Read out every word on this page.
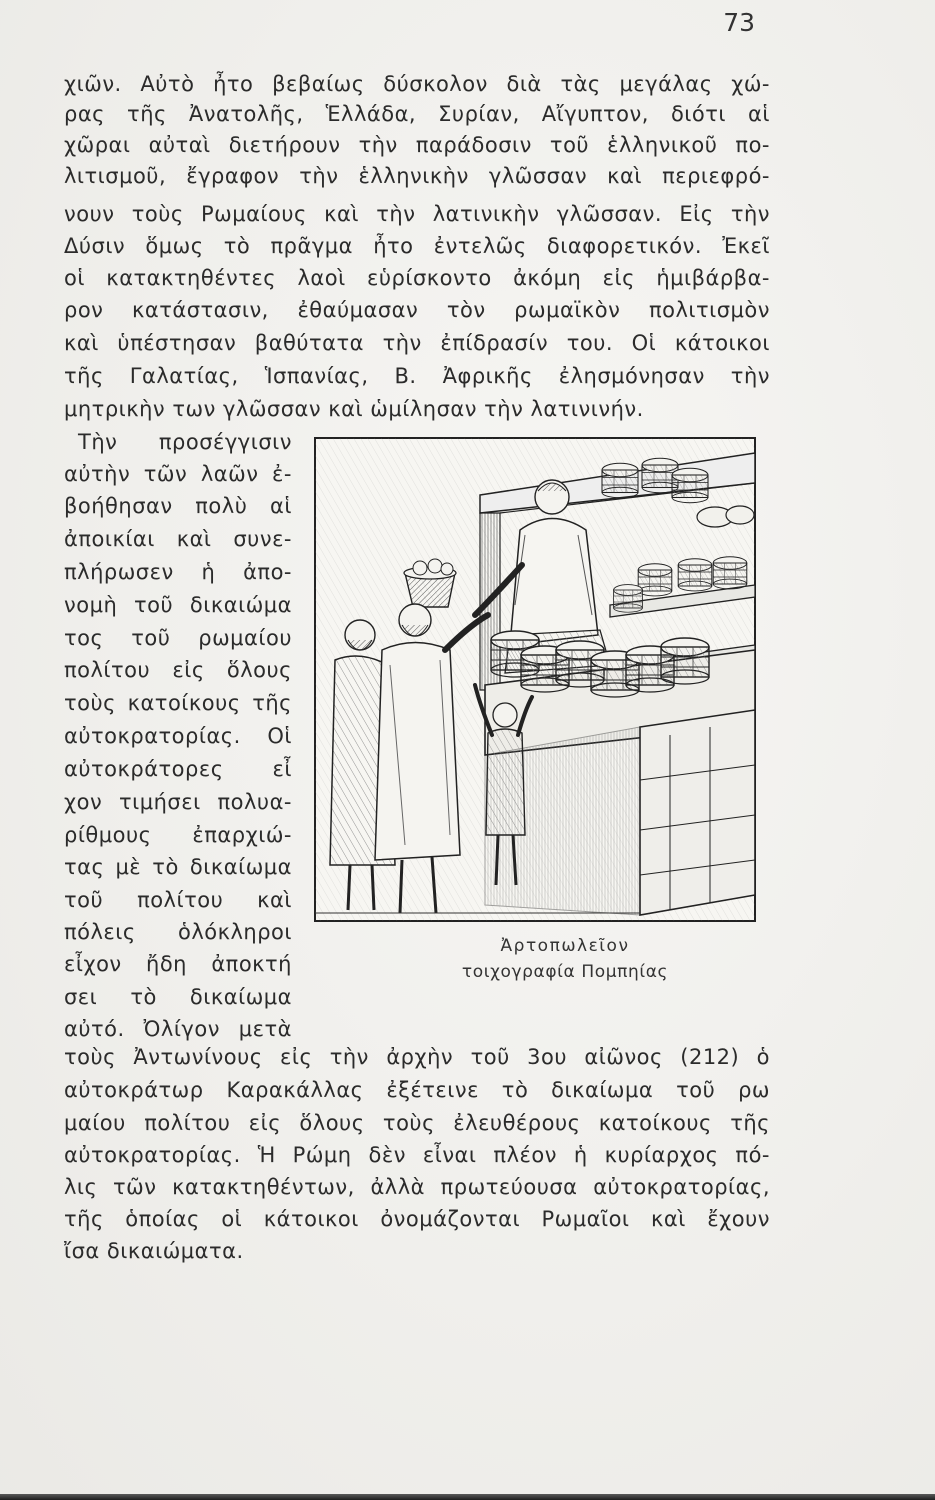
73

χιῶν. Αὐτὸ ἦτο βεβαίως δύσκολον διὰ τὰς μεγάλας χώ-

ρας τῆς Ἀνατολῆς, Ἑλλάδα, Συρίαν, Αἴγυπτον, διότι αἱ

χῶραι αὐταὶ διετήρουν τὴν παράδοσιν τοῦ ἑλληνικοῦ πο-

λιτισμοῦ, ἔγραφον τὴν ἑλληνικὴν γλῶσσαν καὶ περιεφρό-

νουν τοὺς Ρωμαίους καὶ τὴν λατινικὴν γλῶσσαν. Εἰς τὴν

Δύσιν ὅμως τὸ πρᾶγμα ἦτο ἐντελῶς διαφορετικόν. Ἐκεῖ

οἱ κατακτηθέντες λαοὶ εὑρίσκοντο ἀκόμη εἰς ἡμιβάρβα-

ρον κατάστασιν, ἐθαύμασαν τὸν ρωμαϊκὸν πολιτισμὸν

καὶ ὑπέστησαν βαθύτατα τὴν ἐπίδρασίν του. Οἱ κάτοικοι

τῆς Γαλατίας, Ἱσπανίας, Β. Ἀφρικῆς ἐλησμόνησαν τὴν

μητρικὴν των γλῶσσαν καὶ ὡμίλησαν τὴν λατινινήν.

Τὴν προσέγγισιν

αὐτὴν τῶν λαῶν ἐ-

βοήθησαν πολὺ αἱ

ἀποικίαι καὶ συνε-

πλήρωσεν ἡ ἀπο-

νομὴ τοῦ δικαιώμα

τος τοῦ ρωμαίου

πολίτου εἰς ὅλους

τοὺς κατοίκους τῆς

αὐτοκρατορίας. Οἱ

αὐτοκράτορες εἶ

χον τιμήσει πολυα-

ρίθμους ἐπαρχιώ-

τας μὲ τὸ δικαίωμα

τοῦ πολίτου καὶ

πόλεις ὁλόκληροι

εἶχον ἤδη ἀποκτή

σει τὸ δικαίωμα

αὐτό. Ὀλίγον μετὰ

Ἀρτοπωλεῖον
τοιχογραφία Πομπηίας

τοὺς Ἀντωνίνους εἰς τὴν ἀρχὴν τοῦ 3ου αἰῶνος (212) ὁ

αὐτοκράτωρ Καρακάλλας ἐξέτεινε τὸ δικαίωμα τοῦ ρω

μαίου πολίτου εἰς ὅλους τοὺς ἐλευθέρους κατοίκους τῆς

αὐτοκρατορίας. Ἡ Ρώμη δὲν εἶναι πλέον ἡ κυρίαρχος πό-

λις τῶν κατακτηθέντων, ἀλλὰ πρωτεύουσα αὐτοκρατορίας,

τῆς ὁποίας οἱ κάτοικοι ὀνομάζονται Ρωμαῖοι καὶ ἔχουν

ἴσα δικαιώματα.
